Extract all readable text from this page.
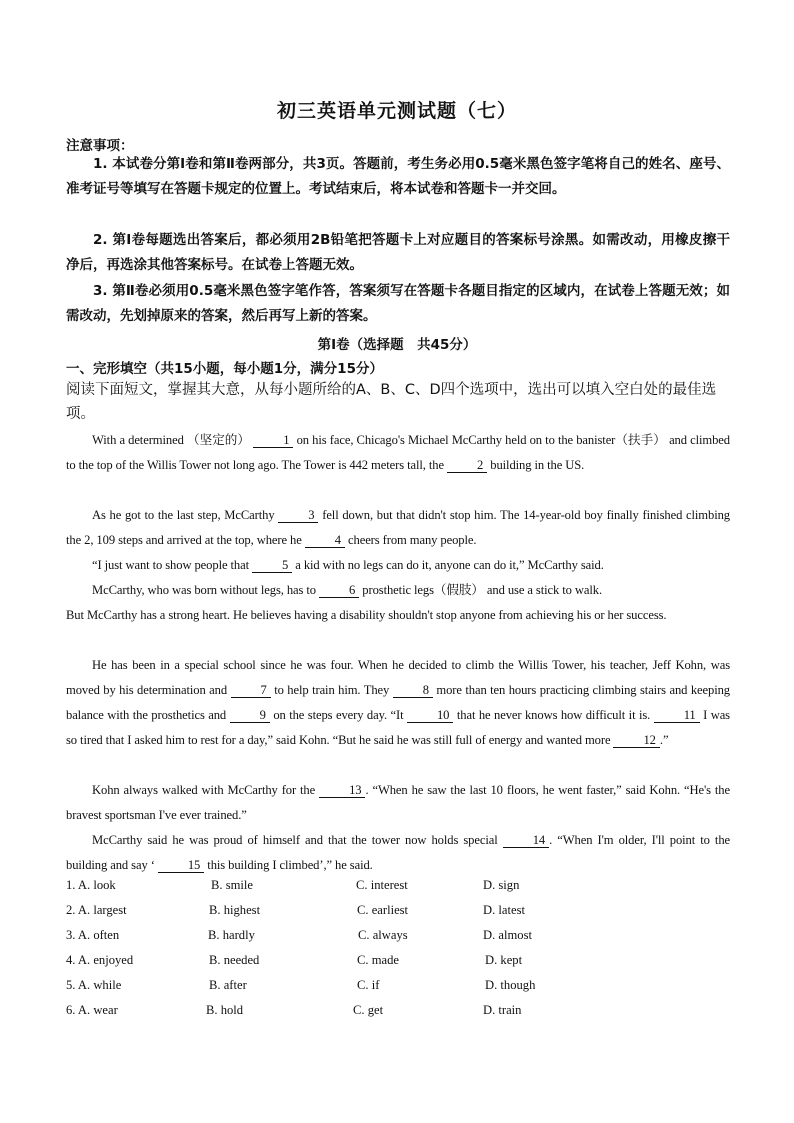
初三英语单元测试题（七）
注意事项：
1. 本试卷分第Ⅰ卷和第Ⅱ卷两部分，共3页。答题前，考生务必用0.5毫米黑色签字笔将自己的姓名、座号、准考证号等填写在答题卡规定的位置上。考试结束后，将本试卷和答题卡一并交回。
2. 第Ⅰ卷每题选出答案后，都必须用2B铅笔把答题卡上对应题目的答案标号涂黑。如需改动，用橡皮擦干净后，再选涂其他答案标号。在试卷上答题无效。
3. 第Ⅱ卷必须用0.5毫米黑色签字笔作答，答案须写在答题卡各题目指定的区域内，在试卷上答题无效；如需改动，先划掉原来的答案，然后再写上新的答案。
第Ⅰ卷（选择题　共45分）
一、完形填空（共15小题，每小题1分，满分15分）
阅读下面短文，掌握其大意，从每小题所给的A、B、C、D四个选项中，选出可以填入空白处的最佳选项。
With a determined （坚定的） 1 on his face, Chicago's Michael McCarthy held on to the banister（扶手） and climbed to the top of the Willis Tower not long ago. The Tower is 442 meters tall, the 2 building in the US.
As he got to the last step, McCarthy 3 fell down, but that didn't stop him. The 14-year-old boy finally finished climbing the 2, 109 steps and arrived at the top, where he 4 cheers from many people.
“I just want to show people that 5 a kid with no legs can do it, anyone can do it,” McCarthy said.
McCarthy, who was born without legs, has to 6 prosthetic legs（假肢） and use a stick to walk.
But McCarthy has a strong heart. He believes having a disability shouldn't stop anyone from achieving his or her success.
He has been in a special school since he was four. When he decided to climb the Willis Tower, his teacher, Jeff Kohn, was moved by his determination and 7 to help train him. They 8 more than ten hours practicing climbing stairs and keeping balance with the prosthetics and 9 on the steps every day. “It 10 that he never knows how difficult it is. 11 I was so tired that I asked him to rest for a day,” said Kohn. “But he said he was still full of energy and wanted more 12 .”
Kohn always walked with McCarthy for the 13 . “When he saw the last 10 floors, he went faster,” said Kohn. “He's the bravest sportsman I've ever trained.”
McCarthy said he was proud of himself and that the tower now holds special 14 . “When I'm older, I'll point to the building and say ‘ 15 this building I climbed’,” he said.
1. A. look	B. smile	C. interest	D. sign
2. A. largest	B. highest	C. earliest	D. latest
3. A. often	B. hardly	C. always	D. almost
4. A. enjoyed	B. needed	C. made	D. kept
5. A. while	B. after	C. if	D. though
6. A. wear	B. hold	C. get	D. train
